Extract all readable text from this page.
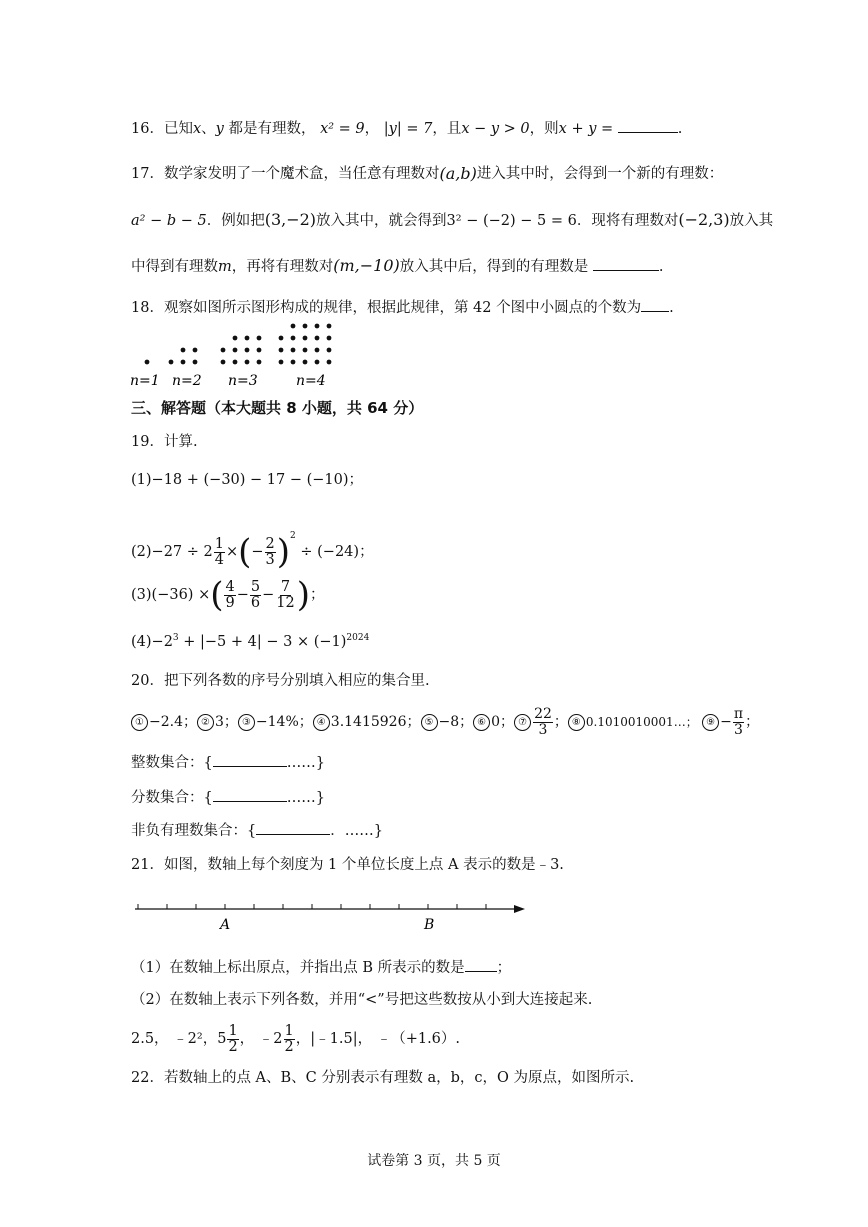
16．已知x、y 都是有理数， x² = 9， |y| = 7，且x − y > 0，则x + y =	.
17．数学家发明了一个魔术盒，当任意有理数对(a,b)进入其中时，会得到一个新的有理数：
a² − b − 5．例如把(3,−2)放入其中，就会得到3² − (−2) − 5 = 6．现将有理数对(−2,3)放入其
中得到有理数m，再将有理数对(m,−10)放入其中后，得到的有理数是	.
18．观察如图所示图形构成的规律，根据此规律，第 42 个图中小圆点的个数为 .
n=1 n=2 n=3	n=4
三、解答题（本大题共 8 小题，共 64 分）
19．计算.
(1)−18 + (−30) − 17 − (−10)；
$(2)-27 \div 2 \frac{1}{4}$ ×(− $\frac{2}{3} )^2 \div (-24)$；
(3)(−36) ×( $\frac{4}{9} - \frac{5}{6} - \frac{7}{12}$ )；
$(4)-2^3 + |-5 + 4| - 3 \times (-1)^{2024}$
20．把下列各数的序号分别填入相应的集合里.
① −2.4； ② 3； ③ −14%； ④ 3.1415926； ⑤ −8； ⑥ 0； ⑦ $\frac{22}{3}$ ； ⑧ 0.1010010001…； ⑨ − $\frac{\pi}{3}$ ；
整数集合：{	……}
分数集合：{	……}
非负有理数集合：{	．……}
21．如图，数轴上每个刻度为 1 个单位长度上点 A 表示的数是﹣3.
A	B
（1）在数轴上标出原点，并指出点 B 所表示的数是 ；
（2）在数轴上表示下列各数，并用“<”号把这些数按从小到大连接起来.
2.5， ﹣2²，$5 \frac{1}{2}$ ， ﹣2 $\frac{1}{2}$ ，|﹣1.5|， ﹣（+1.6）.
22．若数轴上的点 A、B、C 分别表示有理数 a，b，c，O 为原点，如图所示.
试卷第 3 页，共 5 页
